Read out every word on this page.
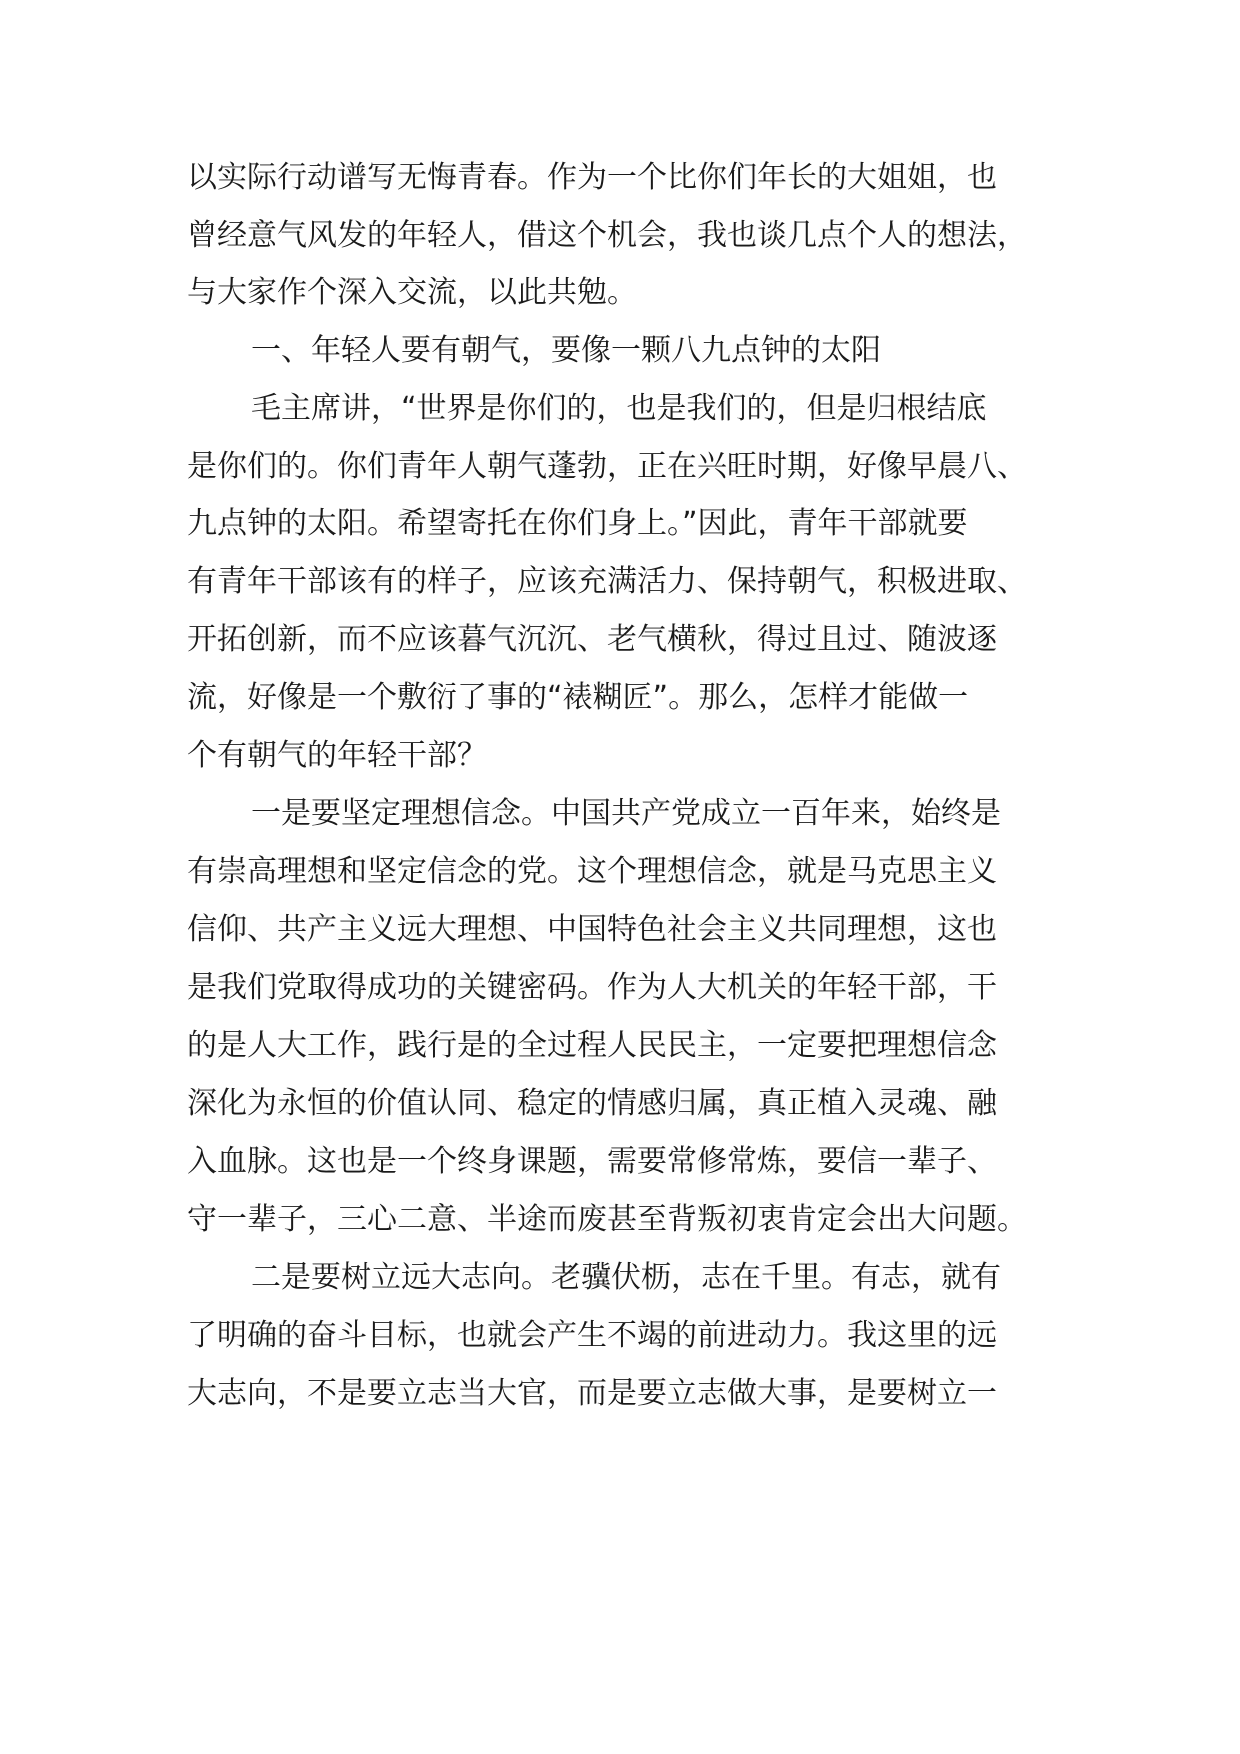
以实际行动谱写无悔青春。作为一个比你们年长的大姐姐，也
曾经意气风发的年轻人，借这个机会，我也谈几点个人的想法，
与大家作个深入交流，以此共勉。
一、年轻人要有朝气，要像一颗八九点钟的太阳
毛主席讲，“世界是你们的，也是我们的，但是归根结底
是你们的。你们青年人朝气蓬勃，正在兴旺时期，好像早晨八、
九点钟的太阳。希望寄托在你们身上。”因此，青年干部就要
有青年干部该有的样子，应该充满活力、保持朝气，积极进取、
开拓创新，而不应该暮气沉沉、老气横秋，得过且过、随波逐
流，好像是一个敷衍了事的“裱糊匠”。那么，怎样才能做一
个有朝气的年轻干部？
一是要坚定理想信念。中国共产党成立一百年来，始终是
有崇高理想和坚定信念的党。这个理想信念，就是马克思主义
信仰、共产主义远大理想、中国特色社会主义共同理想，这也
是我们党取得成功的关键密码。作为人大机关的年轻干部，干
的是人大工作，践行是的全过程人民民主，一定要把理想信念
深化为永恒的价值认同、稳定的情感归属，真正植入灵魂、融
入血脉。这也是一个终身课题，需要常修常炼，要信一辈子、
守一辈子，三心二意、半途而废甚至背叛初衷肯定会出大问题。
二是要树立远大志向。老骥伏枥，志在千里。有志，就有
了明确的奋斗目标，也就会产生不竭的前进动力。我这里的远
大志向，不是要立志当大官，而是要立志做大事，是要树立一
